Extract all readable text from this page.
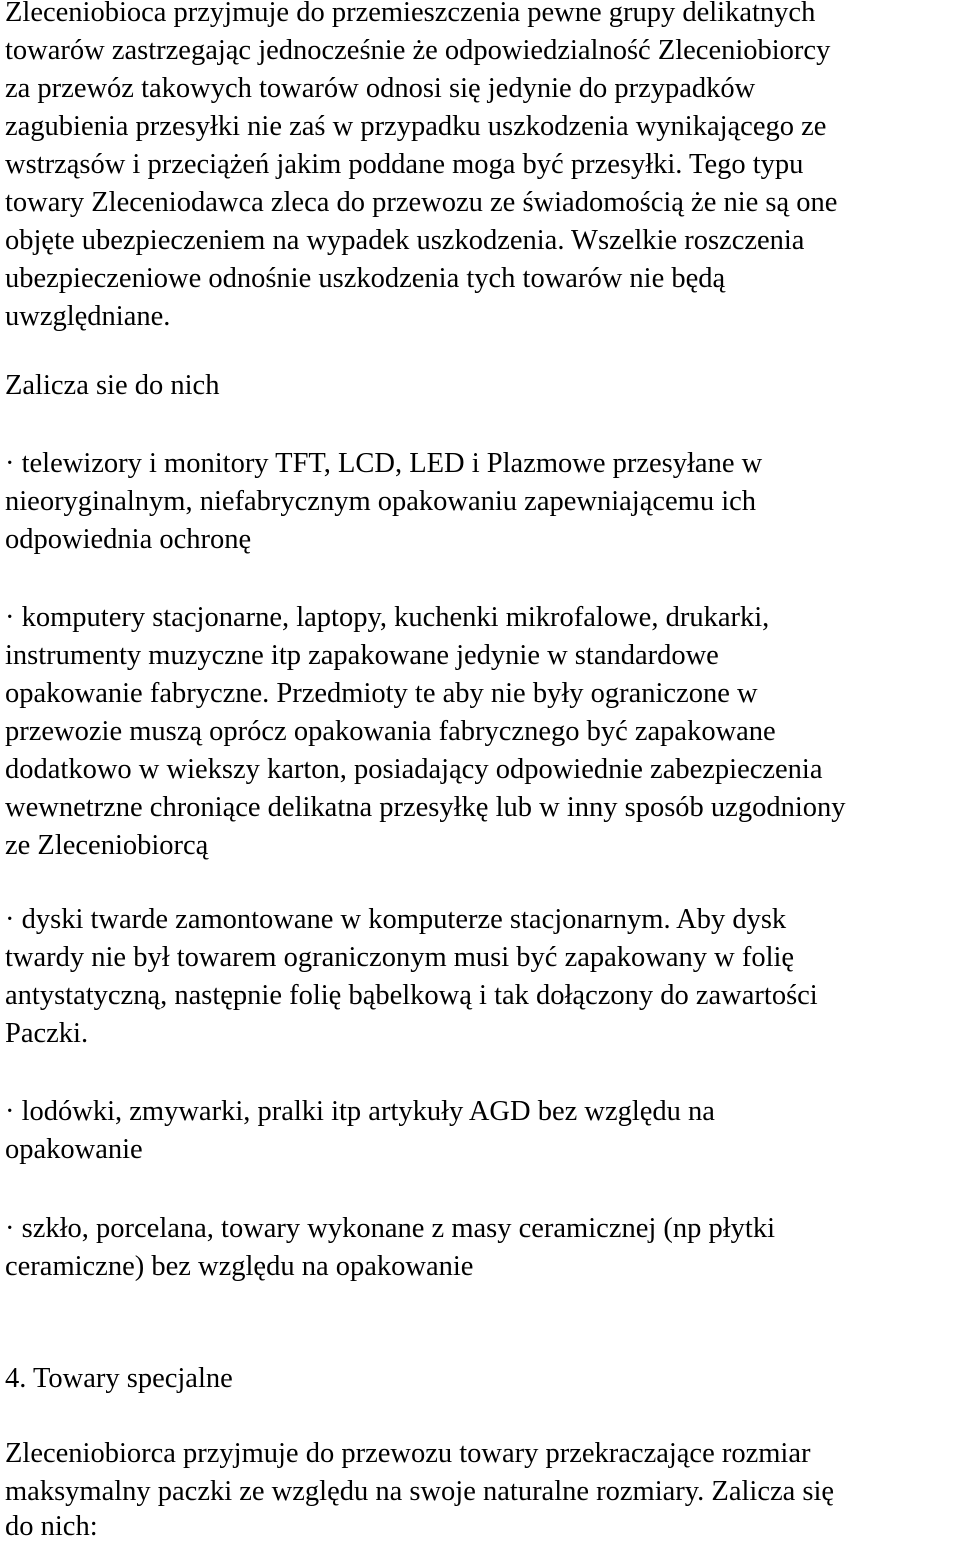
Zleceniobioca przyjmuje do przemieszczenia pewne grupy delikatnych
towarów zastrzegając jednocześnie że odpowiedzialność Zleceniobiorcy
za przewóz takowych towarów odnosi się jedynie do przypadków
zagubienia przesyłki nie zaś w przypadku uszkodzenia wynikającego ze
wstrząsów i przeciążeń jakim poddane moga być przesyłki. Tego typu
towary Zleceniodawca zleca do przewozu ze świadomością że nie są one
objęte ubezpieczeniem na wypadek uszkodzenia. Wszelkie roszczenia
ubezpieczeniowe odnośnie uszkodzenia tych towarów nie będą
uwzględniane.
Zalicza sie do nich
· telewizory i monitory TFT, LCD, LED i Plazmowe przesyłane w
nieoryginalnym, niefabrycznym opakowaniu zapewniającemu ich
odpowiednia ochronę
· komputery stacjonarne, laptopy, kuchenki mikrofalowe, drukarki,
instrumenty muzyczne itp zapakowane jedynie w standardowe
opakowanie fabryczne. Przedmioty te aby nie były ograniczone w
przewozie muszą oprócz opakowania fabrycznego być zapakowane
dodatkowo w wiekszy karton, posiadający odpowiednie zabezpieczenia
wewnetrzne chroniące delikatna przesyłkę lub w inny sposób uzgodniony
ze Zleceniobiorcą
· dyski twarde zamontowane w komputerze stacjonarnym. Aby dysk
twardy nie był towarem ograniczonym musi być zapakowany w folię
antystatyczną, następnie folię bąbelkową i tak dołączony do zawartości
Paczki.
· lodówki, zmywarki, pralki itp artykuły AGD bez względu na
opakowanie
· szkło, porcelana, towary wykonane z masy ceramicznej (np płytki
ceramiczne) bez względu na opakowanie
4. Towary specjalne
Zleceniobiorca przyjmuje do przewozu towary przekraczające rozmiar
maksymalny paczki ze względu na swoje naturalne rozmiary. Zalicza się
do nich:
